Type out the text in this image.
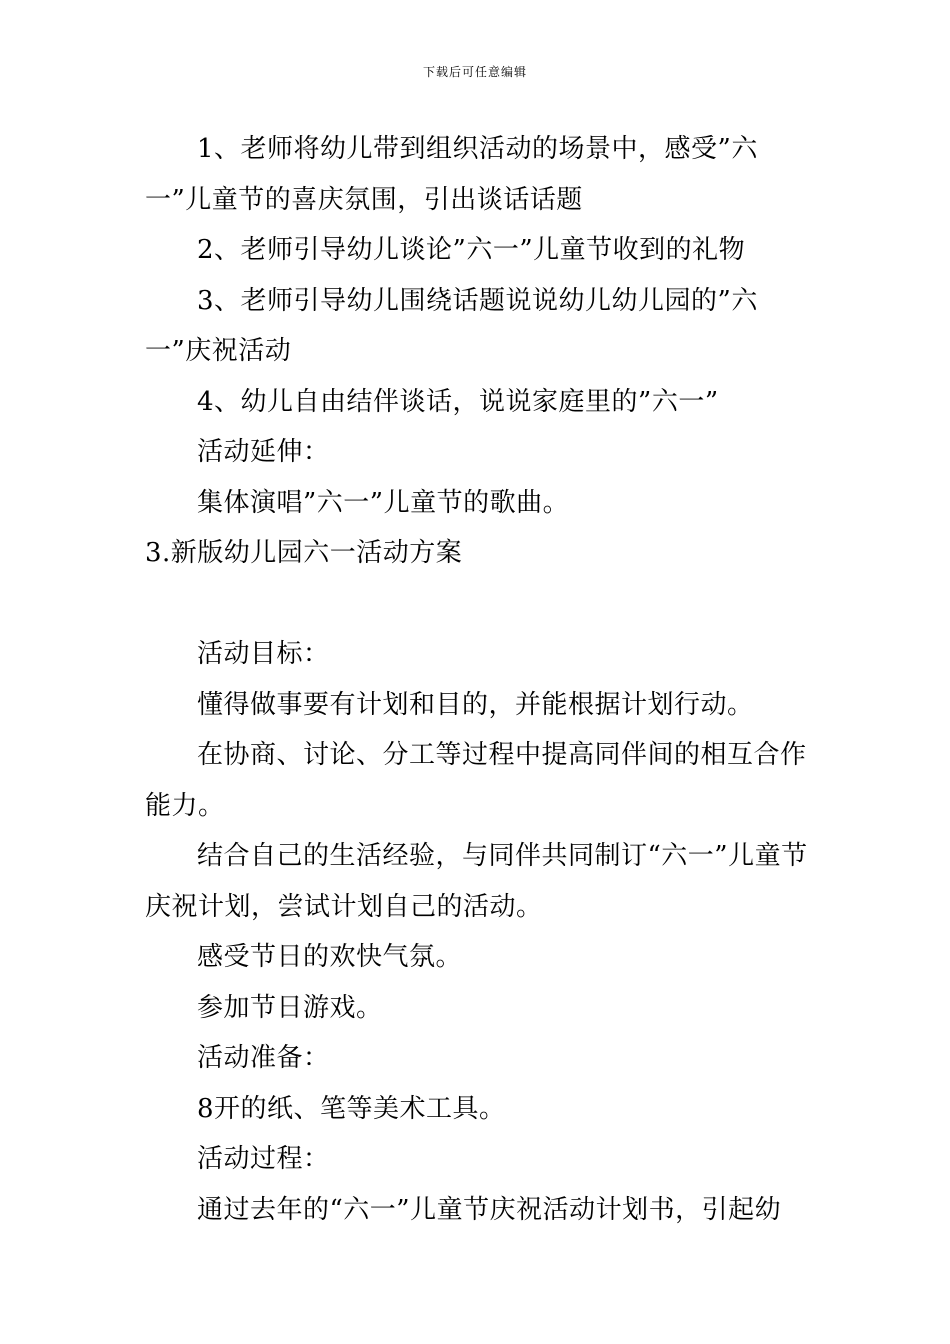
下载后可任意编辑

1、老师将幼儿带到组织活动的场景中，感受”六一”儿童节的喜庆氛围，引出谈话话题

2、老师引导幼儿谈论”六一”儿童节收到的礼物

3、老师引导幼儿围绕话题说说幼儿幼儿园的”六一”庆祝活动

4、幼儿自由结伴谈话，说说家庭里的”六一”

活动延伸：

集体演唱”六一”儿童节的歌曲。

3.新版幼儿园六一活动方案

活动目标：

懂得做事要有计划和目的，并能根据计划行动。

在协商、讨论、分工等过程中提高同伴间的相互合作能力。

结合自己的生活经验，与同伴共同制订“六一”儿童节庆祝计划，尝试计划自己的活动。

感受节日的欢快气氛。

参加节日游戏。

活动准备：

8开的纸、笔等美术工具。

活动过程：

通过去年的“六一”儿童节庆祝活动计划书，引起幼
